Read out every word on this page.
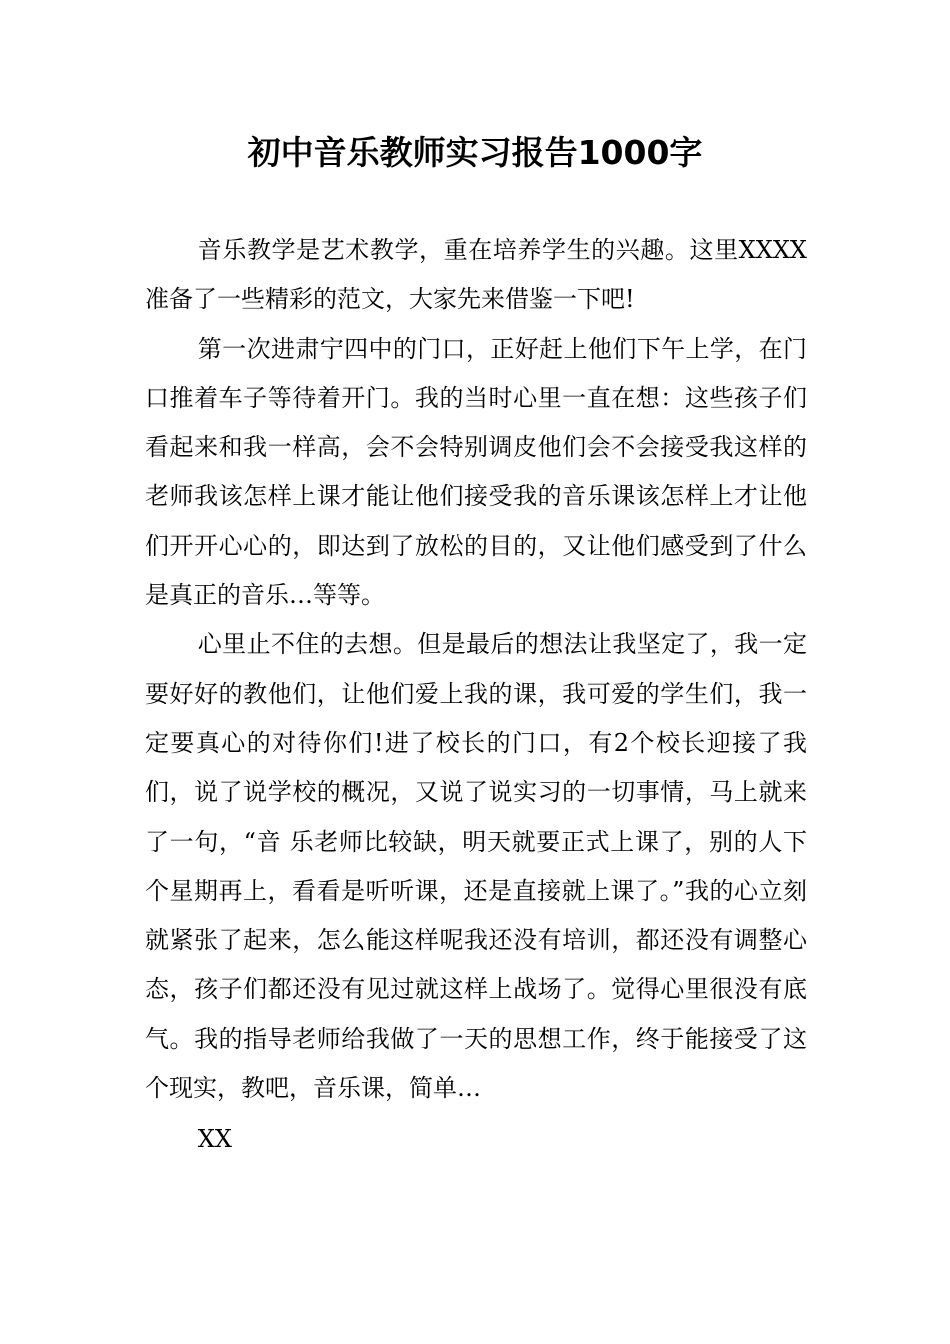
初中音乐教师实习报告1000字

音乐教学是艺术教学，重在培养学生的兴趣。这里XXXX准备了一些精彩的范文，大家先来借鉴一下吧!

第一次进肃宁四中的门口，正好赶上他们下午上学，在门口推着车子等待着开门。我的当时心里一直在想：这些孩子们看起来和我一样高，会不会特别调皮他们会不会接受我这样的老师我该怎样上课才能让他们接受我的音乐课该怎样上才让他们开开心心的，即达到了放松的目的，又让他们感受到了什么是真正的音乐…等等。

心里止不住的去想。但是最后的想法让我坚定了，我一定要好好的教他们，让他们爱上我的课，我可爱的学生们，我一定要真心的对待你们!进了校长的门口，有2个校长迎接了我们，说了说学校的概况，又说了说实习的一切事情，马上就来了一句，“音 乐老师比较缺，明天就要正式上课了，别的人下个星期再上，看看是听听课，还是直接就上课了。”我的心立刻就紧张了起来，怎么能这样呢我还没有培训，都还没有调整心态，孩子们都还没有见过就这样上战场了。觉得心里很没有底气。我的指导老师给我做了一天的思想工作，终于能接受了这个现实，教吧，音乐课，简单…

XX
